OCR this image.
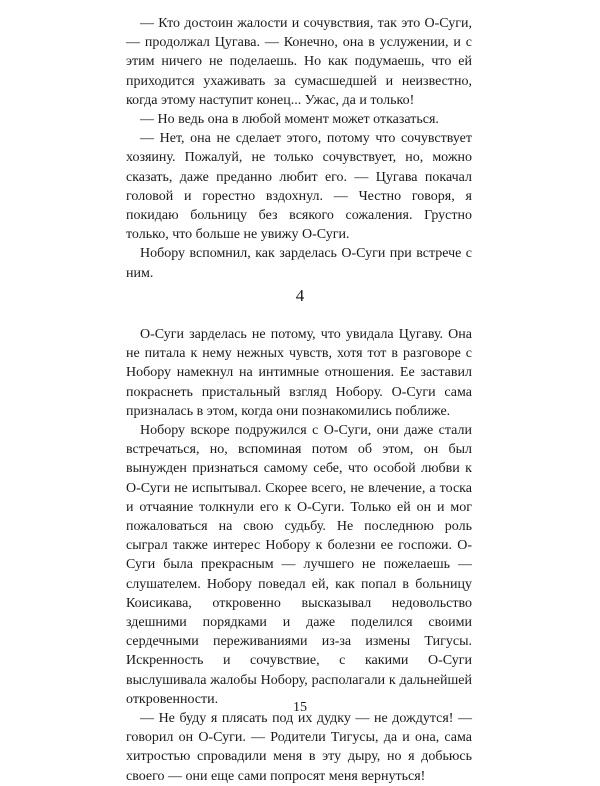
— Кто достоин жалости и сочувствия, так это О-Суги, — продолжал Цугава. — Конечно, она в услужении, и с этим ничего не поделаешь. Но как подумаешь, что ей приходится ухаживать за сумасшедшей и неизвестно, когда этому наступит конец... Ужас, да и только!

— Но ведь она в любой момент может отказаться.

— Нет, она не сделает этого, потому что сочувствует хозяину. Пожалуй, не только сочувствует, но, можно сказать, даже преданно любит его. — Цугава покачал головой и горестно вздохнул. — Честно говоря, я покидаю больницу без всякого сожаления. Грустно только, что больше не увижу О-Суги.

Нобору вспомнил, как зарделась О-Суги при встрече с ним.

4

О-Суги зарделась не потому, что увидала Цугаву. Она не питала к нему нежных чувств, хотя тот в разговоре с Нобору намекнул на интимные отношения. Ее заставил покраснеть пристальный взгляд Нобору. О-Суги сама призналась в этом, когда они познакомились поближе.

Нобору вскоре подружился с О-Суги, они даже стали встречаться, но, вспоминая потом об этом, он был вынужден признаться самому себе, что особой любви к О-Суги не испытывал. Скорее всего, не влечение, а тоска и отчаяние толкнули его к О-Суги. Только ей он и мог пожаловаться на свою судьбу. Не последнюю роль сыграл также интерес Нобору к болезни ее госпожи. О-Суги была прекрасным — лучшего не пожелаешь — слушателем. Нобору поведал ей, как попал в больницу Коисикава, откровенно высказывал недовольство здешними порядками и даже поделился своими сердечными переживаниями из-за измены Тигусы. Искренность и сочувствие, с какими О-Суги выслушивала жалобы Нобору, располагали к дальнейшей откровенности.

— Не буду я плясать под их дудку — не дождутся! — говорил он О-Суги. — Родители Тигусы, да и она, сама хитростью спровадили меня в эту дыру, но я добьюсь своего — они еще сами попросят меня вернуться!

15
